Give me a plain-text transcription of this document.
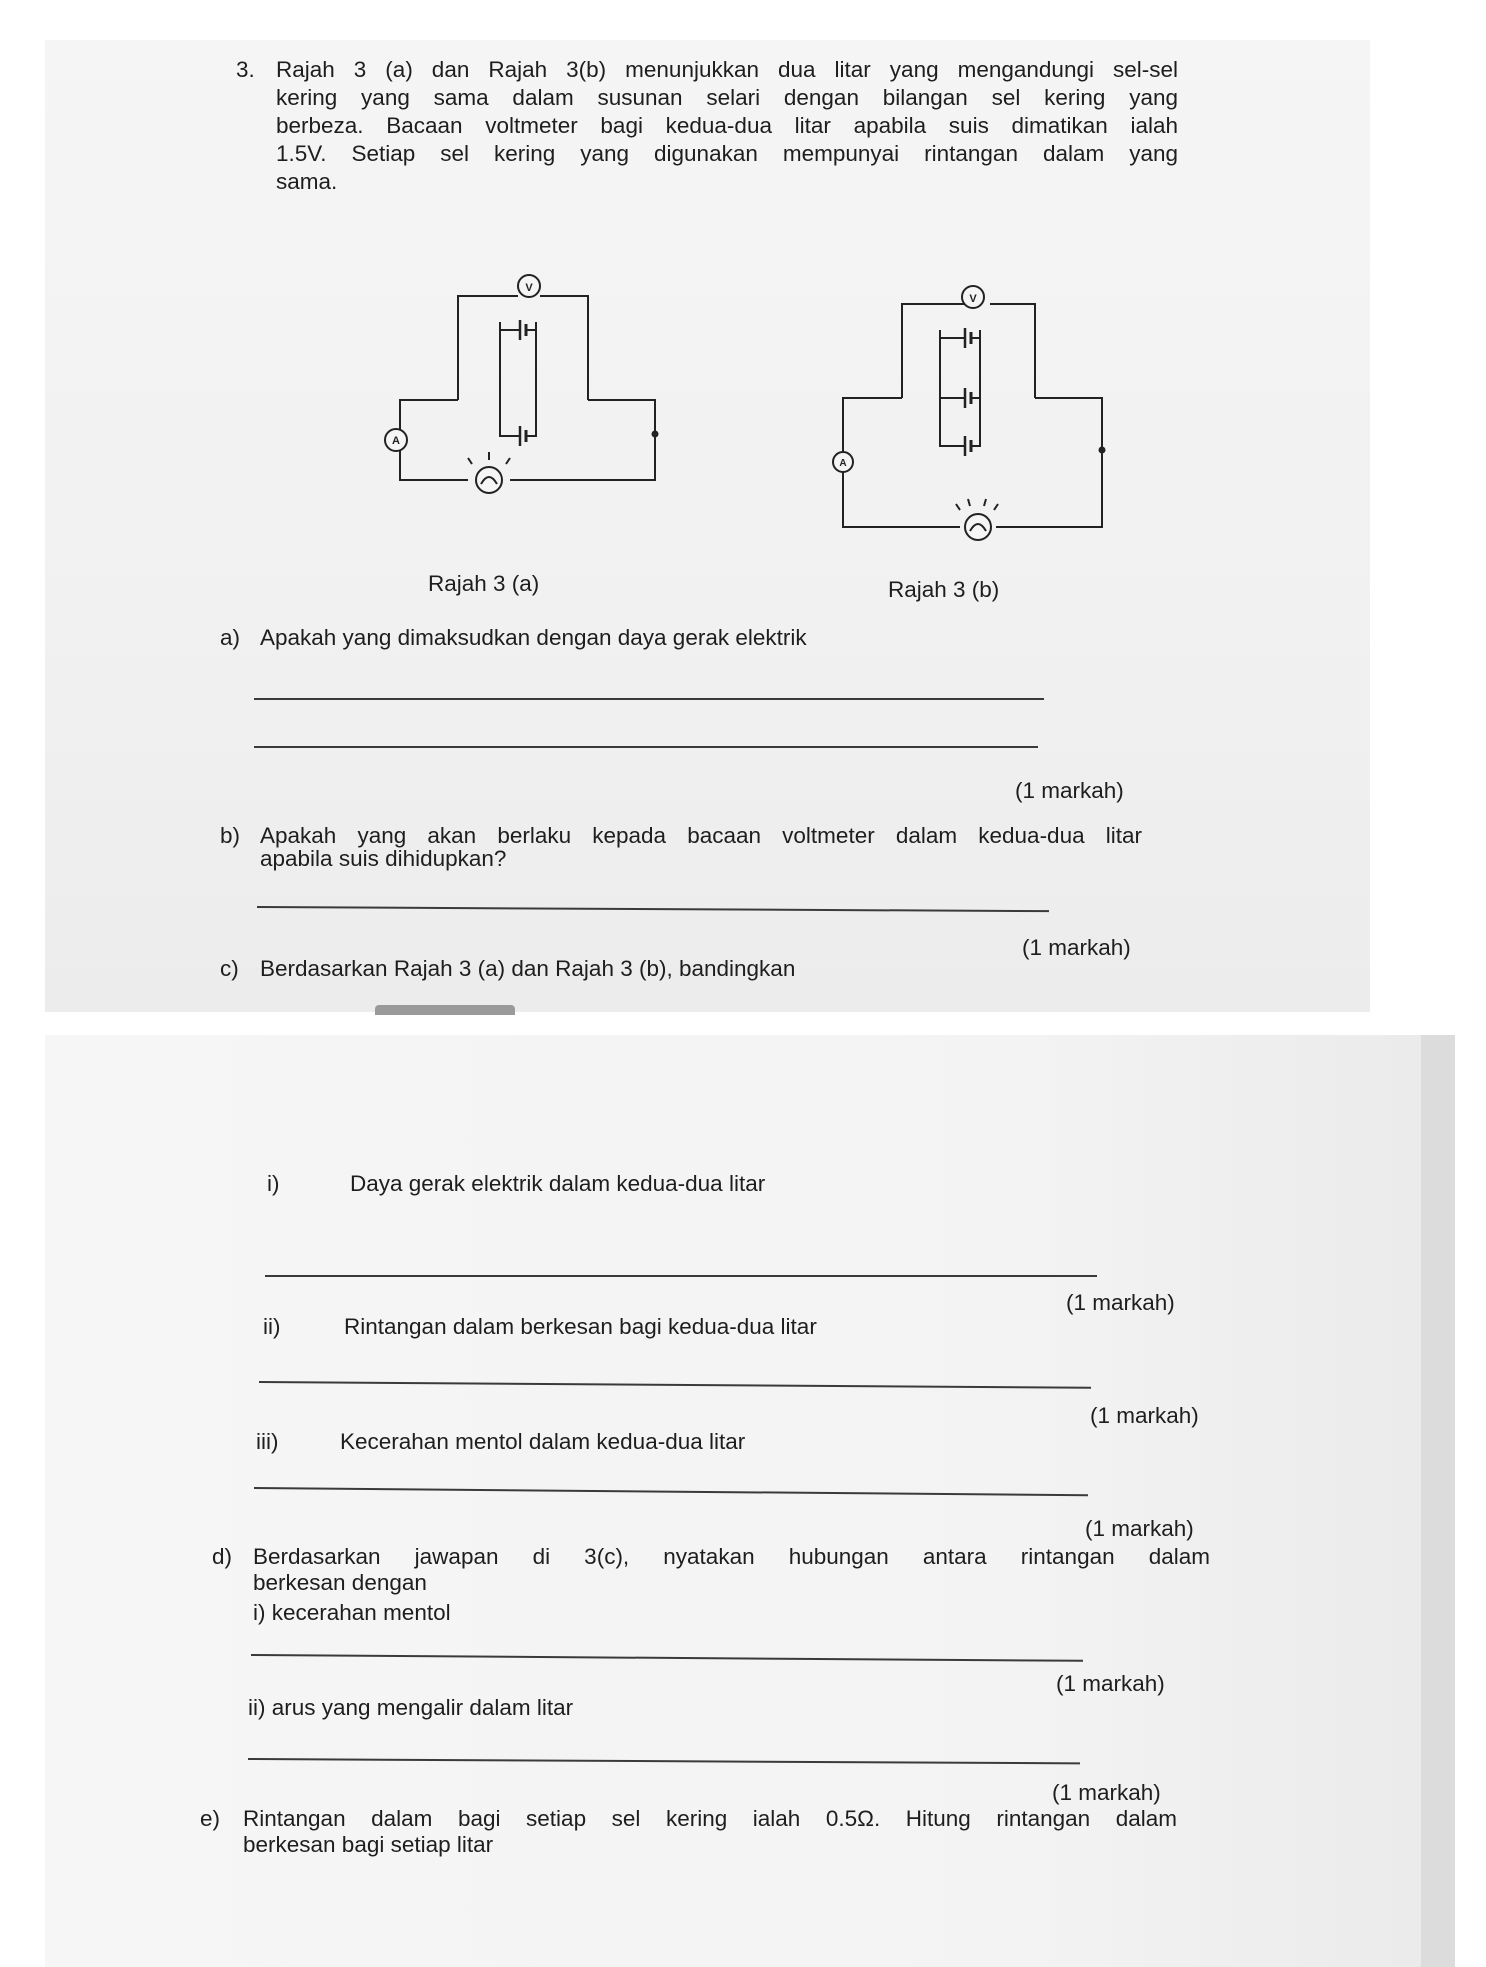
3. Rajah 3 (a) dan Rajah 3(b) menunjukkan dua litar yang mengandungi sel-sel
kering yang sama dalam susunan selari dengan bilangan sel kering yang
berbeza. Bacaan voltmeter bagi kedua-dua litar apabila suis dimatikan ialah
1.5V. Setiap sel kering yang digunakan mempunyai rintangan dalam yang
sama.
V
A
V
A
Rajah 3 (a)	Rajah 3 (b)
a) Apakah yang dimaksudkan dengan daya gerak elektrik
(1 markah)
b) Apakah yang akan berlaku kepada bacaan voltmeter dalam kedua-dua litar
apabila suis dihidupkan?
(1 markah)
c) Berdasarkan Rajah 3 (a) dan Rajah 3 (b), bandingkan
i)	Daya gerak elektrik dalam kedua-dua litar
(1 markah)
ii)	Rintangan dalam berkesan bagi kedua-dua litar
(1 markah)
iii)	Kecerahan mentol dalam kedua-dua litar
(1 markah)
d) Berdasarkan jawapan di 3(c), nyatakan hubungan antara rintangan dalam
berkesan dengan
i) kecerahan mentol
(1 markah)
ii) arus yang mengalir dalam litar
(1 markah)
e) Rintangan dalam bagi setiap sel kering ialah 0.5Ω. Hitung rintangan dalam
berkesan bagi setiap litar
